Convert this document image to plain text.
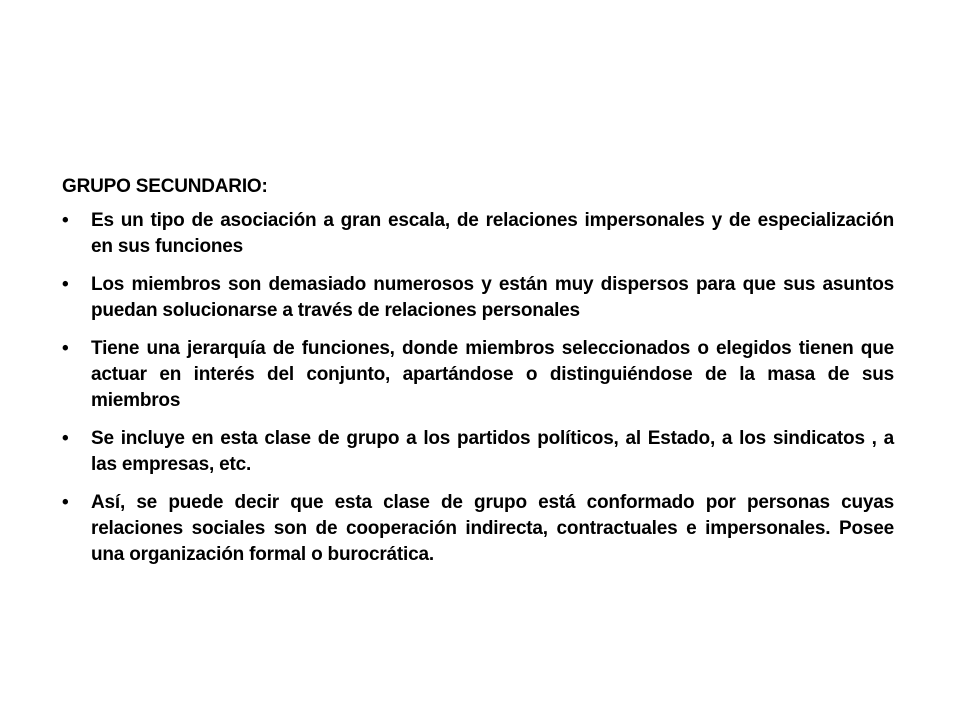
GRUPO SECUNDARIO:
• Es un tipo de asociación a gran escala, de relaciones impersonales y de especialización en sus funciones
• Los miembros son demasiado numerosos y están muy dispersos para que sus asuntos puedan solucionarse a través de relaciones personales
• Tiene una jerarquía de funciones, donde miembros seleccionados o elegidos tienen que actuar en interés del conjunto, apartándose o distinguiéndose de la masa de sus miembros
• Se incluye en esta clase de grupo a los partidos políticos, al Estado, a los sindicatos , a las empresas, etc.
• Así, se puede decir que esta clase de grupo está conformado por personas cuyas relaciones sociales son de cooperación indirecta, contractuales e impersonales. Posee una organización formal o burocrática.
